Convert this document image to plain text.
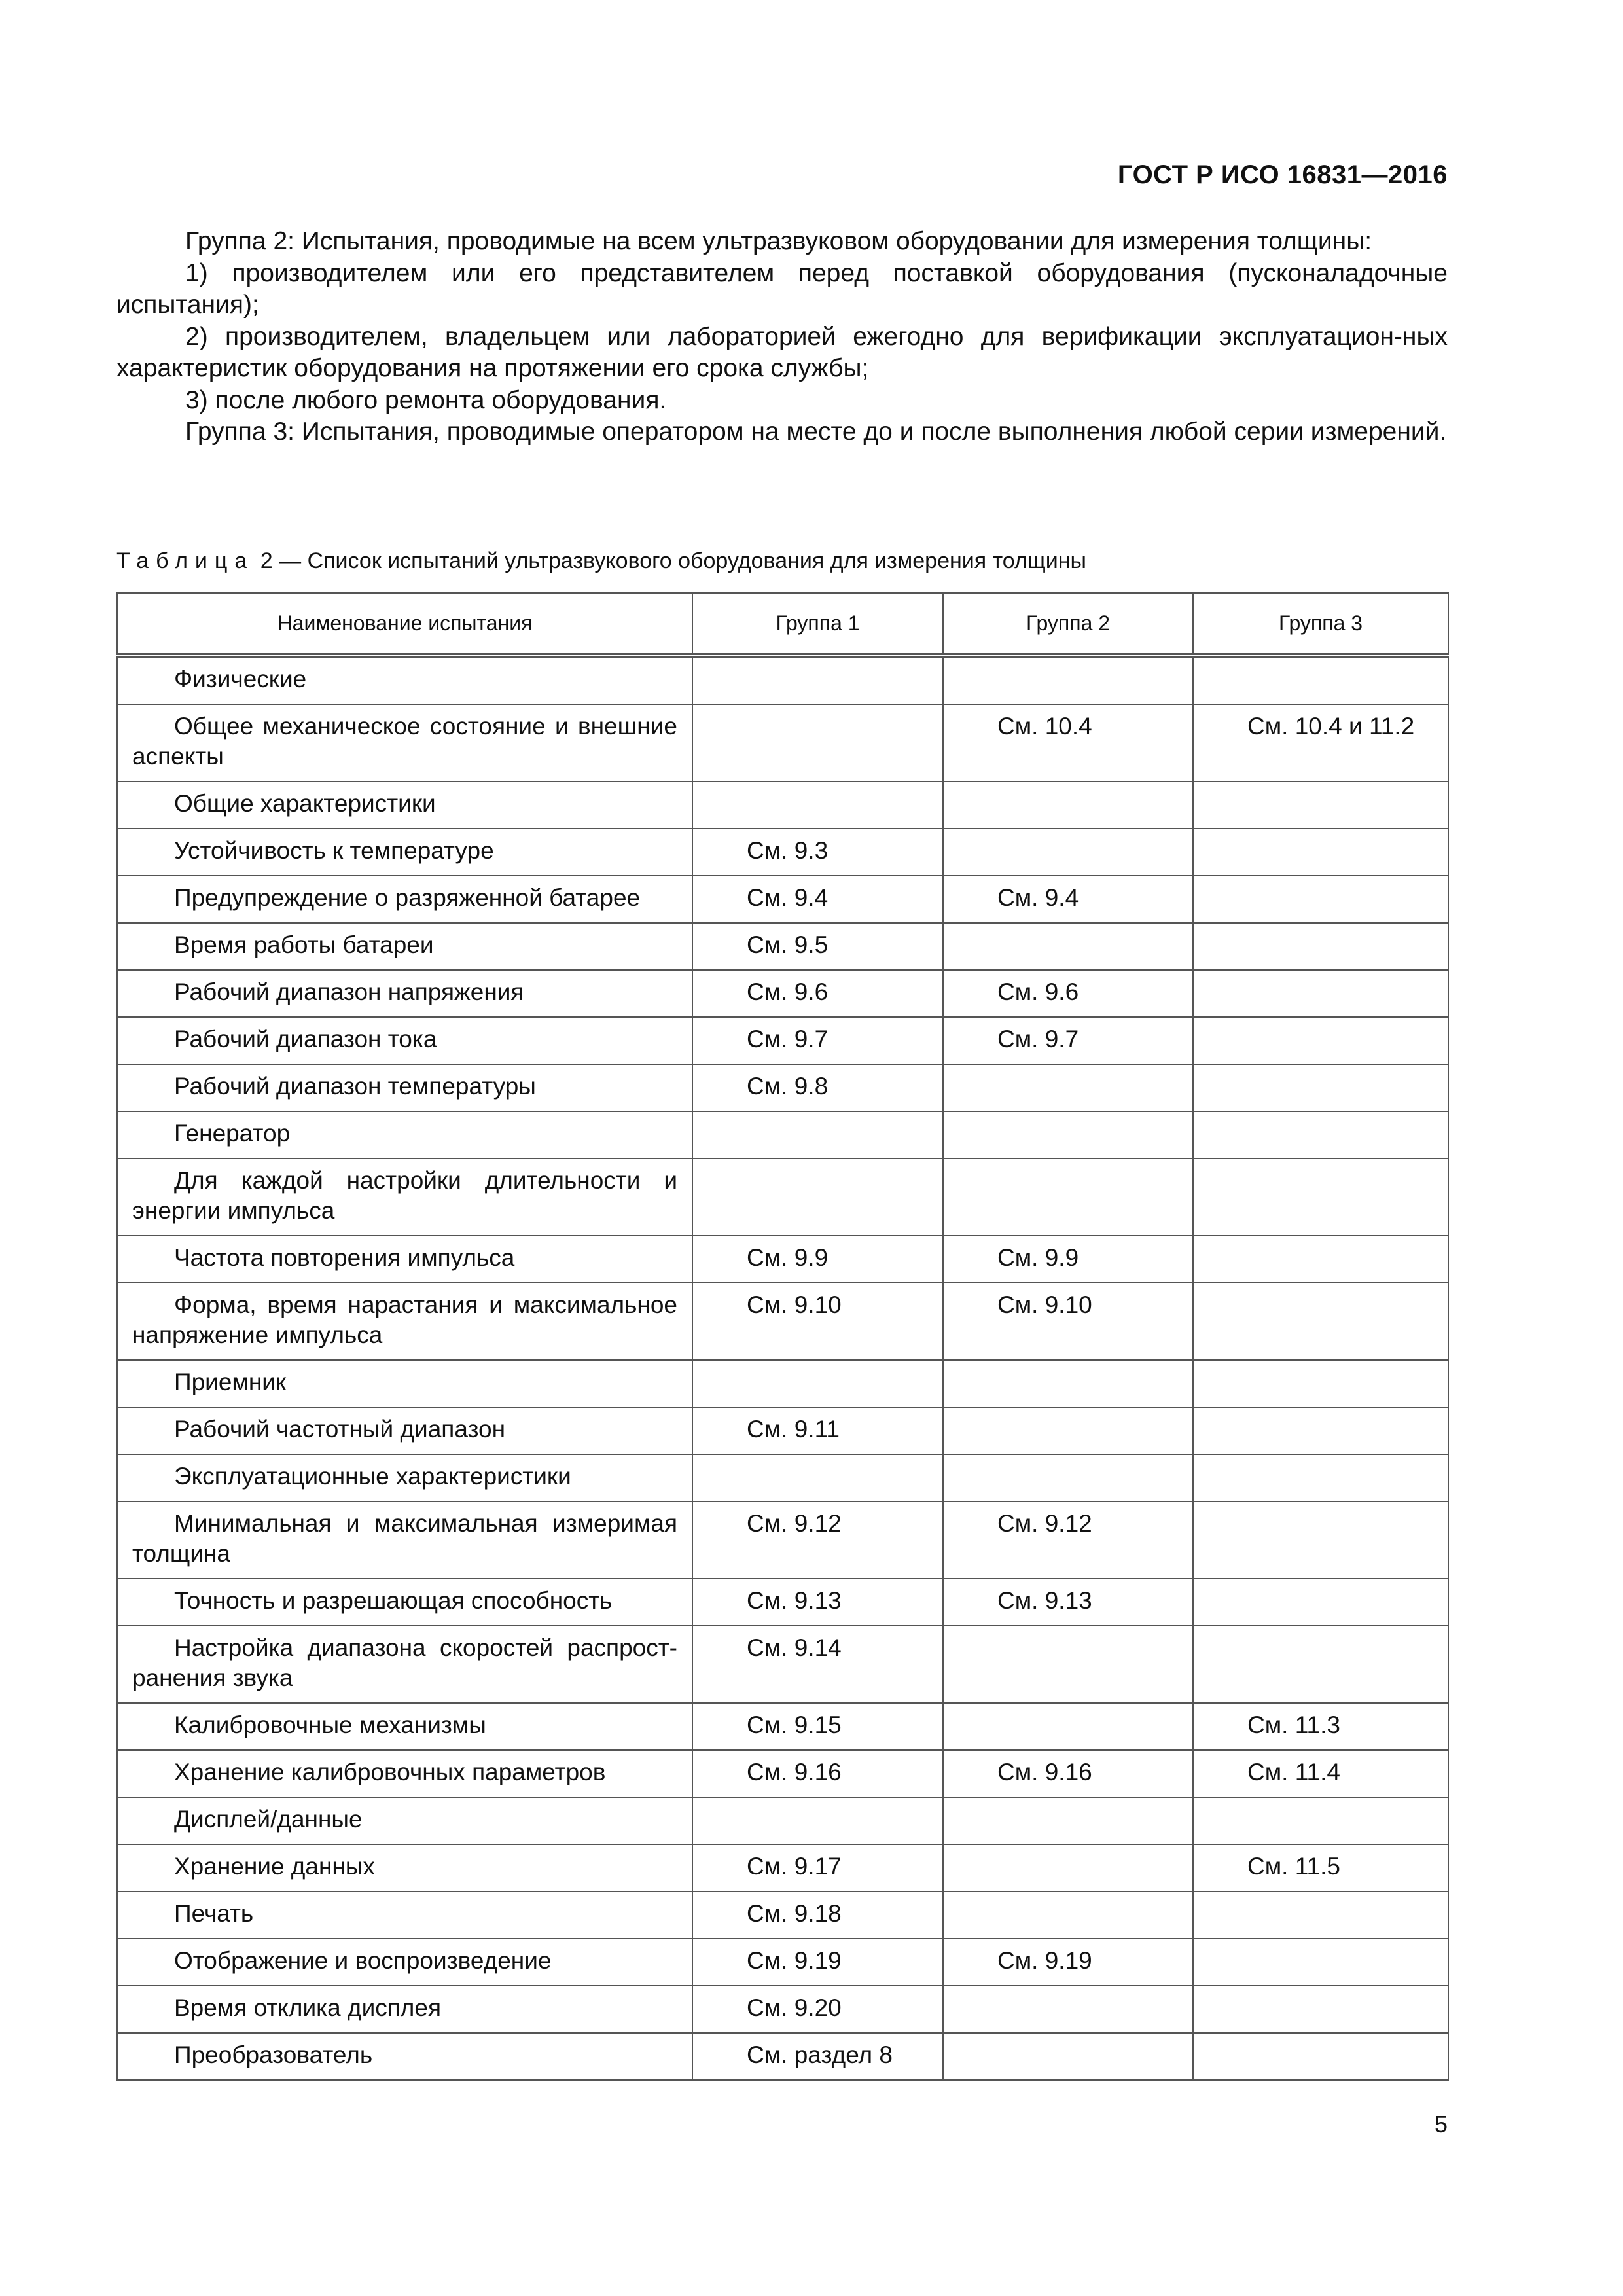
ГОСТ Р ИСО 16831—2016

Группа 2: Испытания, проводимые на всем ультразвуковом оборудовании для измерения толщины:

1) производителем или его представителем перед поставкой оборудования (пусконаладочные испытания);

2) производителем, владельцем или лабораторией ежегодно для верификации эксплуатацион-ных характеристик оборудования на протяжении его срока службы;

3) после любого ремонта оборудования.

Группа 3: Испытания, проводимые оператором на месте до и после выполнения любой серии измерений.

Таблица 2 — Список испытаний ультразвукового оборудования для измерения толщины
Наименование испытания	Группа 1	Группа 2	Группа 3
Физические			
Общее механическое состояние и внешние аспекты		См. 10.4	См. 10.4 и 11.2
Общие характеристики			
Устойчивость к температуре	См. 9.3		
Предупреждение о разряженной батарее	См. 9.4	См. 9.4	
Время работы батареи	См. 9.5		
Рабочий диапазон напряжения	См. 9.6	См. 9.6	
Рабочий диапазон тока	См. 9.7	См. 9.7	
Рабочий диапазон температуры	См. 9.8		
Генератор			
Для каждой настройки длительности и энергии импульса			
Частота повторения импульса	См. 9.9	См. 9.9	
Форма, время нарастания и максимальное напряжение импульса	См. 9.10	См. 9.10	
Приемник			
Рабочий частотный диапазон	См. 9.11		
Эксплуатационные характеристики			
Минимальная и максимальная измеримая толщина	См. 9.12	См. 9.12	
Точность и разрешающая способность	См. 9.13	См. 9.13	
Настройка диапазона скоростей распрост-ранения звука	См. 9.14		
Калибровочные механизмы	См. 9.15		См. 11.3
Хранение калибровочных параметров	См. 9.16	См. 9.16	См. 11.4
Дисплей/данные			
Хранение данных	См. 9.17		См. 11.5
Печать	См. 9.18		
Отображение и воспроизведение	См. 9.19	См. 9.19	
Время отклика дисплея	См. 9.20		
Преобразователь	См. раздел 8		
5
